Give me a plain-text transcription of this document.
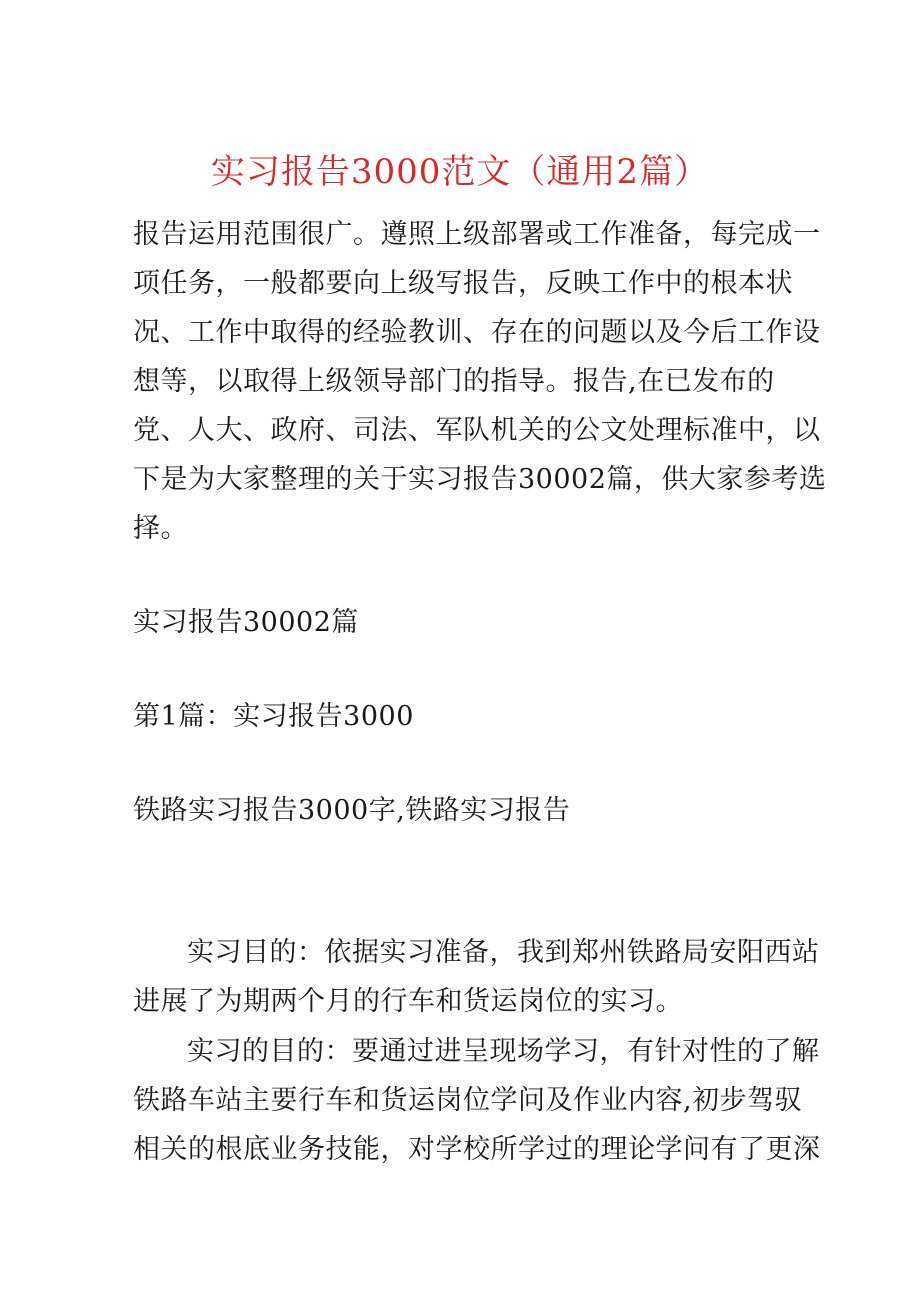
实习报告3000范文（通用2篇）

报告运用范围很广。遵照上级部署或工作准备，每完成一
项任务，一般都要向上级写报告，反映工作中的根本状
况、工作中取得的经验教训、存在的问题以及今后工作设
想等，以取得上级领导部门的指导。报告,在已发布的
党、人大、政府、司法、军队机关的公文处理标准中，以
下是为大家整理的关于实习报告30002篇，供大家参考选
择。

实习报告30002篇

第1篇：实习报告3000

铁路实习报告3000字,铁路实习报告

实习目的：依据实习准备，我到郑州铁路局安阳西站
进展了为期两个月的行车和货运岗位的实习。

实习的目的：要通过进呈现场学习，有针对性的了解
铁路车站主要行车和货运岗位学问及作业内容,初步驾驭
相关的根底业务技能，对学校所学过的理论学问有了更深
